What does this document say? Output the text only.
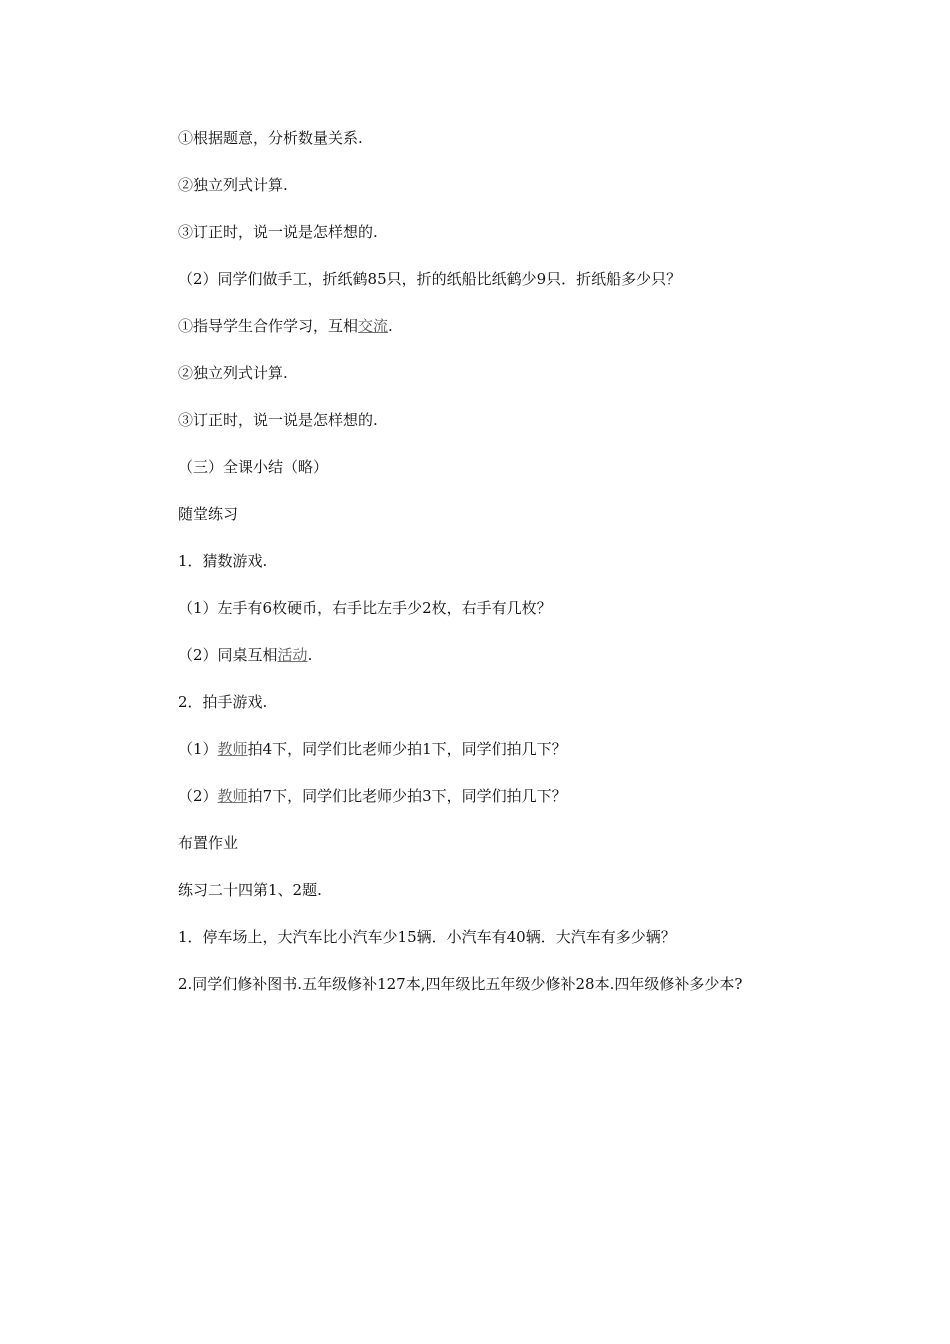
①根据题意，分析数量关系.

②独立列式计算.

③订正时，说一说是怎样想的.

（2）同学们做手工，折纸鹤85只，折的纸船比纸鹤少9只．折纸船多少只？

①指导学生合作学习，互相交流.

②独立列式计算.

③订正时，说一说是怎样想的.

（三）全课小结（略）

随堂练习

1．猜数游戏.

（1）左手有6枚硬币，右手比左手少2枚，右手有几枚？

（2）同桌互相活动.

2．拍手游戏.

（1）教师拍4下，同学们比老师少拍1下，同学们拍几下？

（2）教师拍7下，同学们比老师少拍3下，同学们拍几下？

布置作业

练习二十四第1、2题.

1．停车场上，大汽车比小汽车少15辆．小汽车有40辆．大汽车有多少辆？

2.同学们修补图书.五年级修补127本,四年级比五年级少修补28本.四年级修补多少本?
